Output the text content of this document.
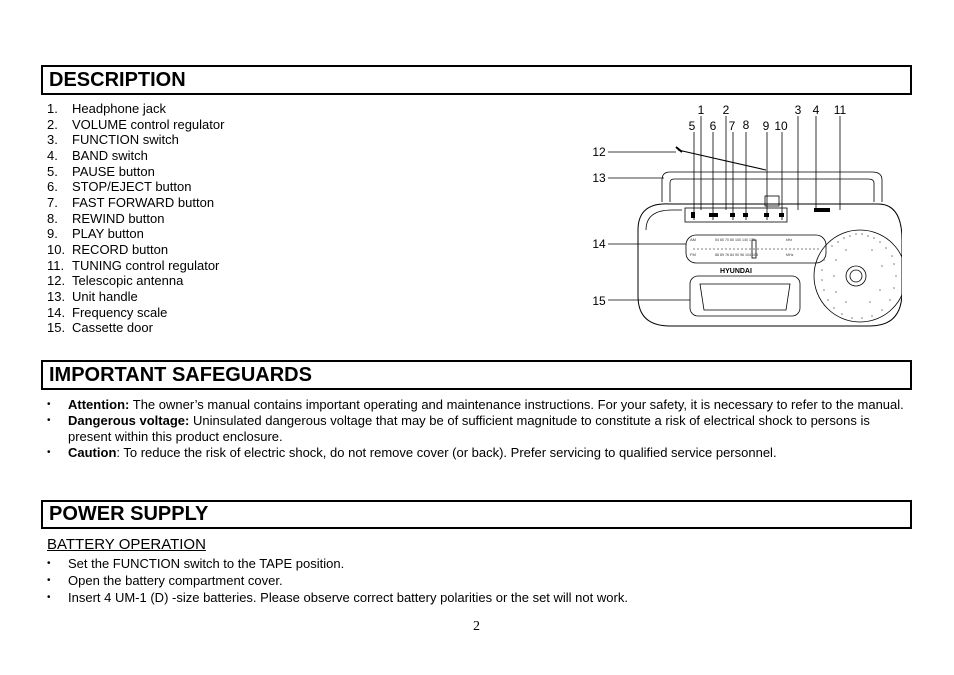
DESCRIPTION
1. Headphone jack
2. VOLUME control regulator
3. FUNCTION switch
4. BAND switch
5. PAUSE button
6. STOP/EJECT button
7. FAST FORWARD button
8. REWIND button
9. PLAY button
10. RECORD button
11. TUNING control regulator
12. Telescopic antenna
13. Unit handle
14. Frequency scale
15. Cassette door
1 2	3 4 11
5 6 7 8 9 10
12
13
14
15
AM	54 60 70 80 100 140 170	kHz
FM	88 89 76 84 90 96 104 108	MHz
HYUNDAI
IMPORTANT SAFEGUARDS
• Attention: The owner’s manual contains important operating and maintenance instructions. For your safety, it is necessary to refer to the manual.
• Dangerous voltage: Uninsulated dangerous voltage that may be of sufficient magnitude to constitute a risk of electrical shock to persons is present within this product enclosure.
• Caution: To reduce the risk of electric shock, do not remove cover (or back). Prefer servicing to qualified service personnel.
POWER SUPPLY
BATTERY OPERATION
• Set the FUNCTION switch to the TAPE position.
• Open the battery compartment cover.
• Insert 4 UM-1 (D) -size batteries. Please observe correct battery polarities or the set will not work.
2
